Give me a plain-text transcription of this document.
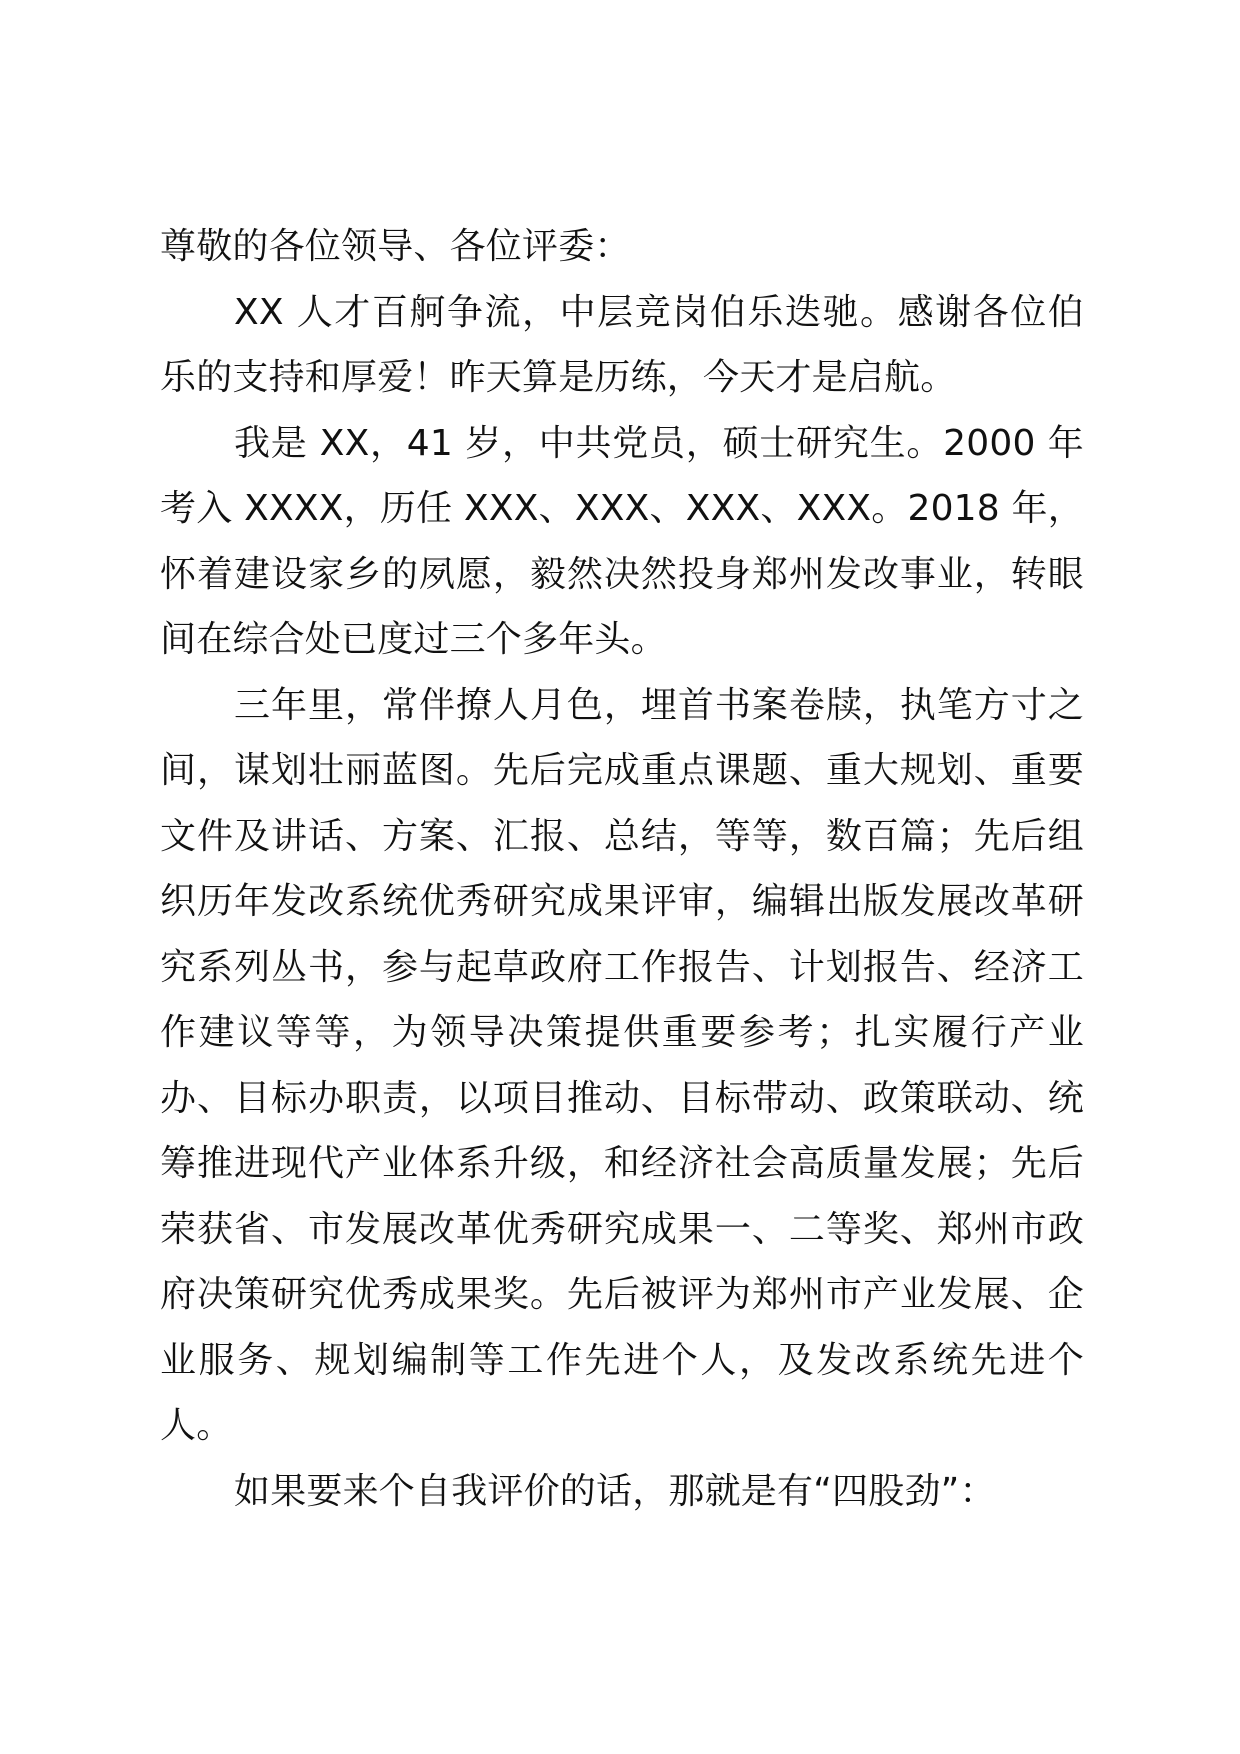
尊敬的各位领导、各位评委：

XX 人才百舸争流，中层竞岗伯乐迭驰。感谢各位伯乐的支持和厚爱！昨天算是历练，今天才是启航。

我是 XX，41 岁，中共党员，硕士研究生。2000 年考入 XXXX，历任 XXX、XXX、XXX、XXX。2018 年，怀着建设家乡的夙愿，毅然决然投身郑州发改事业，转眼间在综合处已度过三个多年头。

三年里，常伴撩人月色，埋首书案卷牍，执笔方寸之间，谋划壮丽蓝图。先后完成重点课题、重大规划、重要文件及讲话、方案、汇报、总结，等等，数百篇；先后组织历年发改系统优秀研究成果评审，编辑出版发展改革研究系列丛书，参与起草政府工作报告、计划报告、经济工作建议等等，为领导决策提供重要参考；扎实履行产业办、目标办职责，以项目推动、目标带动、政策联动、统筹推进现代产业体系升级，和经济社会高质量发展；先后荣获省、市发展改革优秀研究成果一、二等奖、郑州市政府决策研究优秀成果奖。先后被评为郑州市产业发展、企业服务、规划编制等工作先进个人，及发改系统先进个人。

如果要来个自我评价的话，那就是有“四股劲”：
